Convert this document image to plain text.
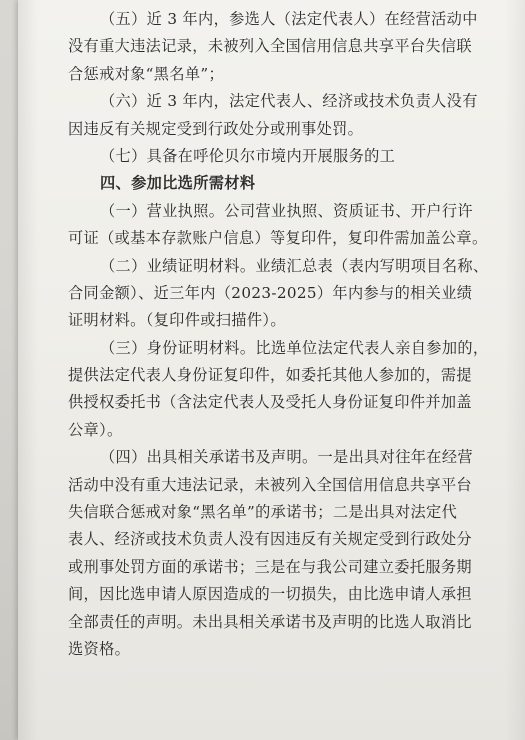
（五）近 3 年内，参选人（法定代表人）在经营活动中
没有重大违法记录，未被列入全国信用信息共享平台失信联
合惩戒对象“黑名单”；
（六）近 3 年内，法定代表人、经济或技术负责人没有
因违反有关规定受到行政处分或刑事处罚。
（七）具备在呼伦贝尔市境内开展服务的工
四、参加比选所需材料
（一）营业执照。公司营业执照、资质证书、开户行许
可证（或基本存款账户信息）等复印件，复印件需加盖公章。
（二）业绩证明材料。业绩汇总表（表内写明项目名称、
合同金额）、近三年内（2023-2025）年内参与的相关业绩
证明材料。（复印件或扫描件）。
（三）身份证明材料。比选单位法定代表人亲自参加的，
提供法定代表人身份证复印件，如委托其他人参加的，需提
供授权委托书（含法定代表人及受托人身份证复印件并加盖
公章）。
（四）出具相关承诺书及声明。一是出具对往年在经营
活动中没有重大违法记录，未被列入全国信用信息共享平台
失信联合惩戒对象“黑名单”的承诺书；二是出具对法定代
表人、经济或技术负责人没有因违反有关规定受到行政处分
或刑事处罚方面的承诺书；三是在与我公司建立委托服务期
间，因比选申请人原因造成的一切损失，由比选申请人承担
全部责任的声明。未出具相关承诺书及声明的比选人取消比
选资格。
